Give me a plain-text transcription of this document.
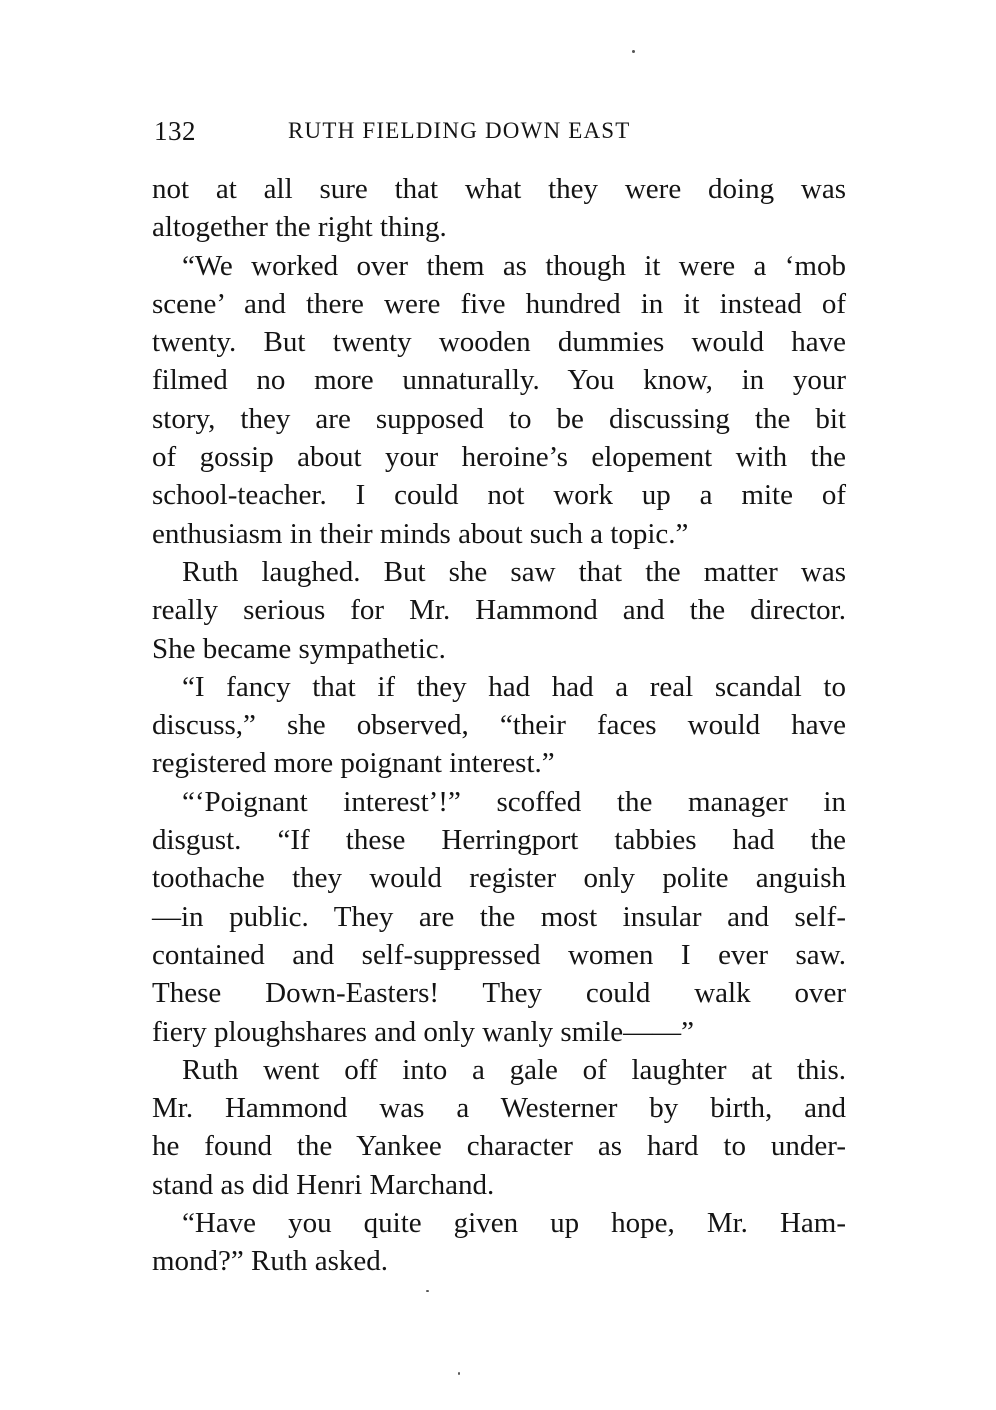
132	RUTH FIELDING DOWN EAST
not at all sure that what they were doing was
altogether the right thing.
“We worked over them as though it were a ‘mob
scene’ and there were five hundred in it instead of
twenty. But twenty wooden dummies would have
filmed no more unnaturally. You know, in your
story, they are supposed to be discussing the bit
of gossip about your heroine’s elopement with the
school-teacher. I could not work up a mite of
enthusiasm in their minds about such a topic.”
Ruth laughed. But she saw that the matter was
really serious for Mr. Hammond and the director.
She became sympathetic.
“I fancy that if they had had a real scandal to
discuss,” she observed, “their faces would have
registered more poignant interest.”
“‘Poignant interest’!” scoffed the manager in
disgust. “If these Herringport tabbies had the
toothache they would register only polite anguish
—in public. They are the most insular and self-
contained and self-suppressed women I ever saw.
These Down-Easters! They could walk over
fiery ploughshares and only wanly smile——”
Ruth went off into a gale of laughter at this.
Mr. Hammond was a Westerner by birth, and
he found the Yankee character as hard to under-
stand as did Henri Marchand.
“Have you quite given up hope, Mr. Ham-
mond?” Ruth asked.
